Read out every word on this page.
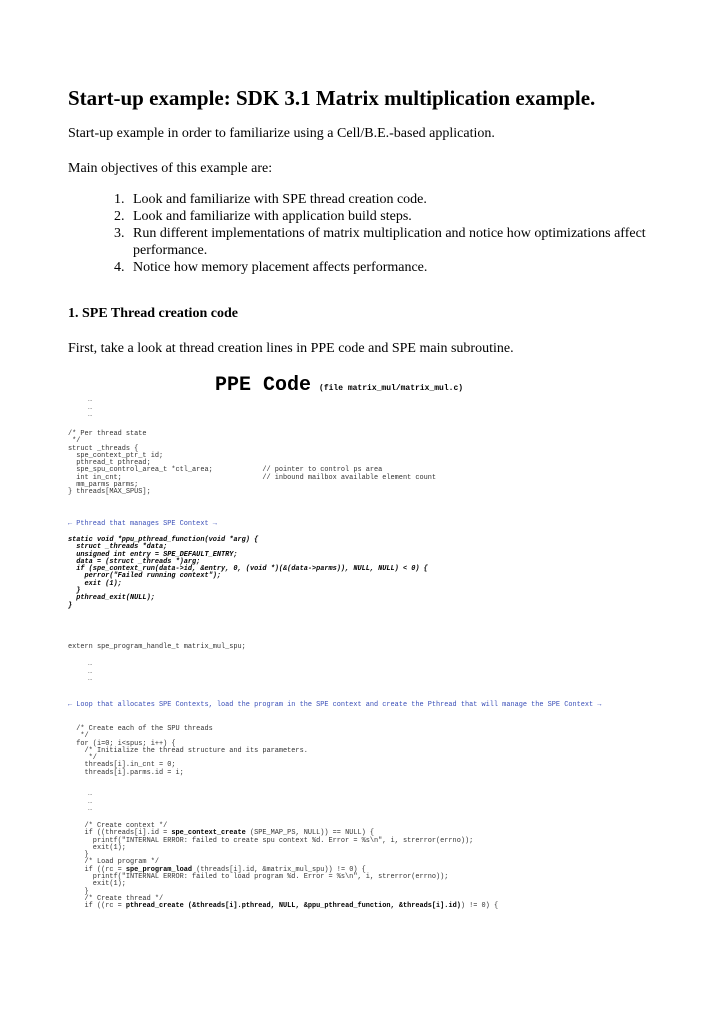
Start-up example: SDK 3.1 Matrix multiplication example.

Start-up example in order to familiarize using a Cell/B.E.-based application.

Main objectives of this example are:

1. Look and familiarize with SPE thread creation code.
2. Look and familiarize with application build steps.
3. Run different implementations of matrix multiplication and notice how optimizations affect performance.
4. Notice how memory placement affects performance.
1. SPE Thread creation code

First, take a look at thread creation lines in PPE code and SPE main subroutine.

PPE Code (file matrix_mul/matrix_mul.c)
…
…
…
/* Per thread state
*/
struct _threads {
spe_context_ptr_t id;
pthread_t pthread;
spe_spu_control_area_t *ctl_area;            // pointer to control ps area
int in_cnt;                                  // inbound mailbox available element count
mm_parms parms;
} threads[MAX_SPUS];
← Pthread that manages SPE Context →
static void *ppu_pthread_function(void *arg) {
struct _threads *data;
unsigned int entry = SPE_DEFAULT_ENTRY;
data = (struct _threads *)arg;
if (spe_context_run(data->id, &entry, 0, (void *)(&(data->parms)), NULL, NULL) < 0) {
perror("Failed running context");
exit (1);
}
pthread_exit(NULL);
}
extern spe_program_handle_t matrix_mul_spu;
…
…
…
← Loop that allocates SPE Contexts, load the program in the SPE context and create the Pthread that will manage the SPE Context →
/* Create each of the SPU threads
*/
for (i=0; i<spus; i++) {
/* Initialize the thread structure and its parameters.
*/
threads[i].in_cnt = 0;
threads[i].parms.id = i;
…
…
…
/* Create context */
if ((threads[i].id = spe_context_create (SPE_MAP_PS, NULL)) == NULL) {
printf("INTERNAL ERROR: failed to create spu context %d. Error = %s\n", i, strerror(errno));
exit(1);
}
/* Load program */
if ((rc = spe_program_load (threads[i].id, &matrix_mul_spu)) != 0) {
printf("INTERNAL ERROR: failed to load program %d. Error = %s\n", i, strerror(errno));
exit(1);
}
/* Create thread */
if ((rc = pthread_create (&threads[i].pthread, NULL, &ppu_pthread_function, &threads[i].id)) != 0) {
